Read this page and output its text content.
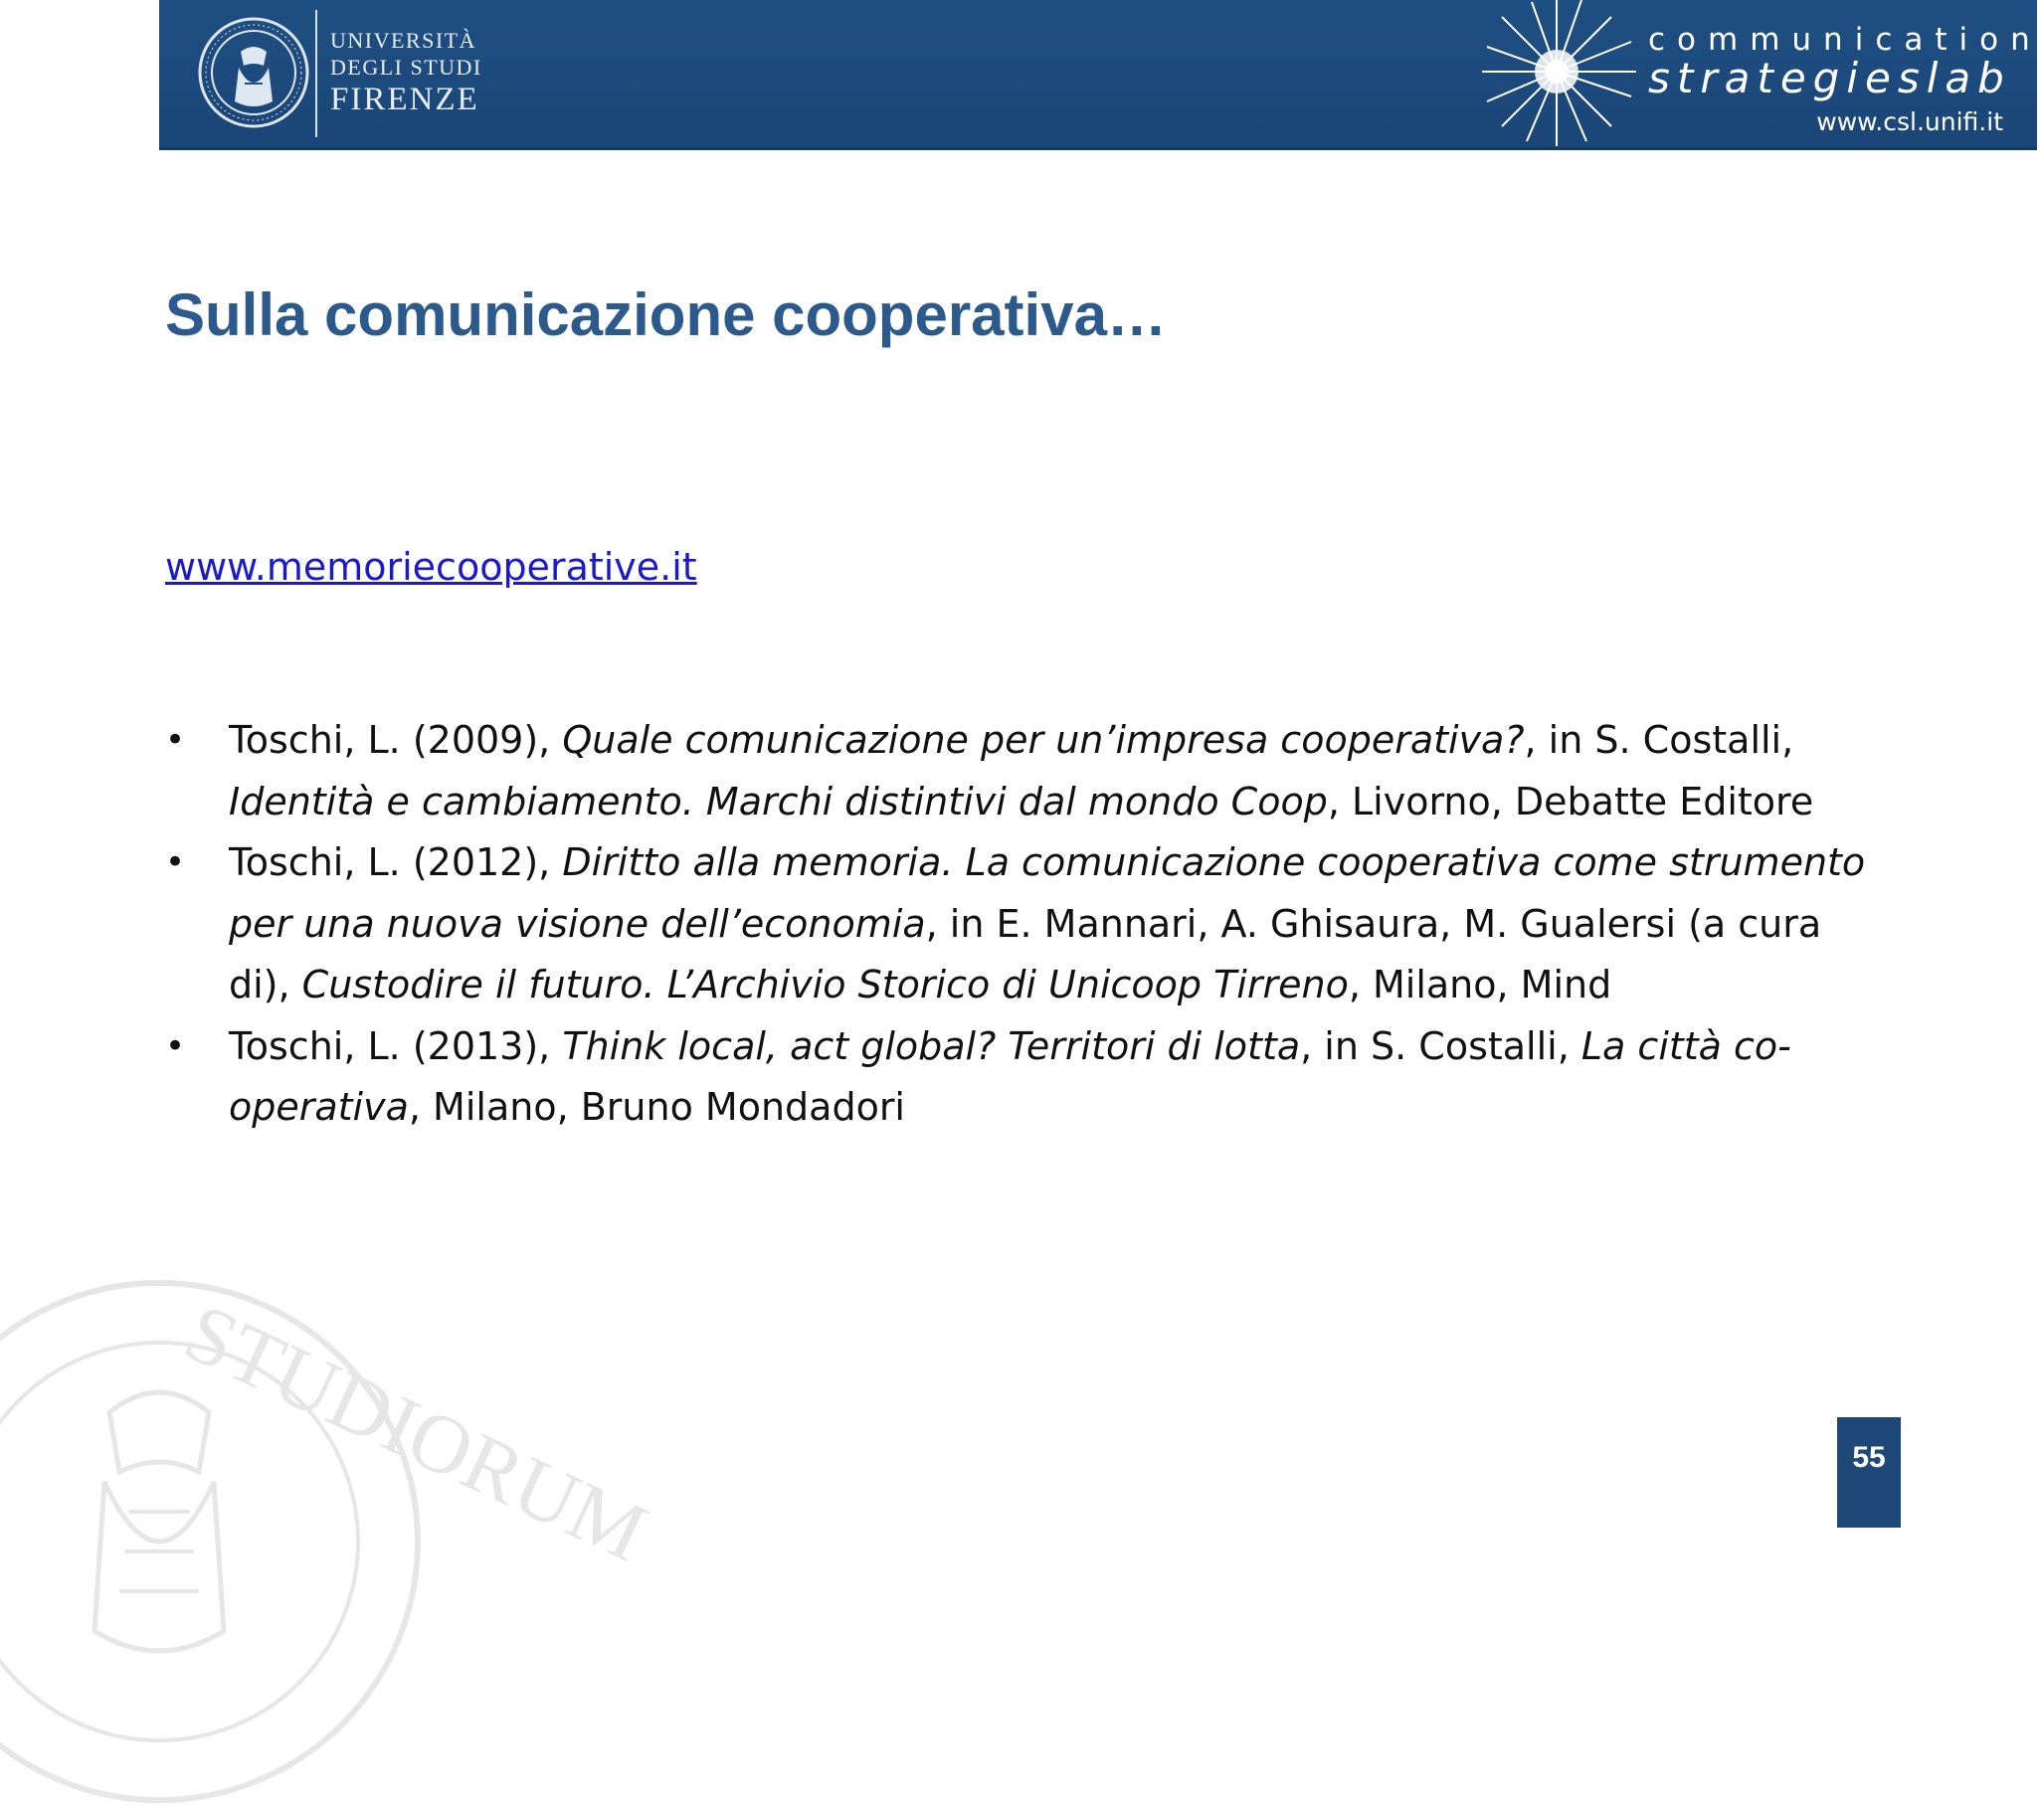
STUDIORUM
UNIVERSITÀ
DEGLI STUDI
FIRENZE
communication
strategieslab
www.csl.unifi.it
Sulla comunicazione cooperativa…
www.memoriecooperative.it
• Toschi, L. (2009), Quale comunicazione per un’impresa cooperativa?, in S. Costalli, Identità e cambiamento. Marchi distintivi dal mondo Coop, Livorno, Debatte Editore
• Toschi, L. (2012), Diritto alla memoria. La comunicazione cooperativa come strumento per una nuova visione dell’economia, in E. Mannari, A. Ghisaura, M. Gualersi (a cura di), Custodire il futuro. L’Archivio Storico di Unicoop Tirreno, Milano, Mind
• Toschi, L. (2013), Think local, act global? Territori di lotta, in S. Costalli, La città co-operativa, Milano, Bruno Mondadori
55
